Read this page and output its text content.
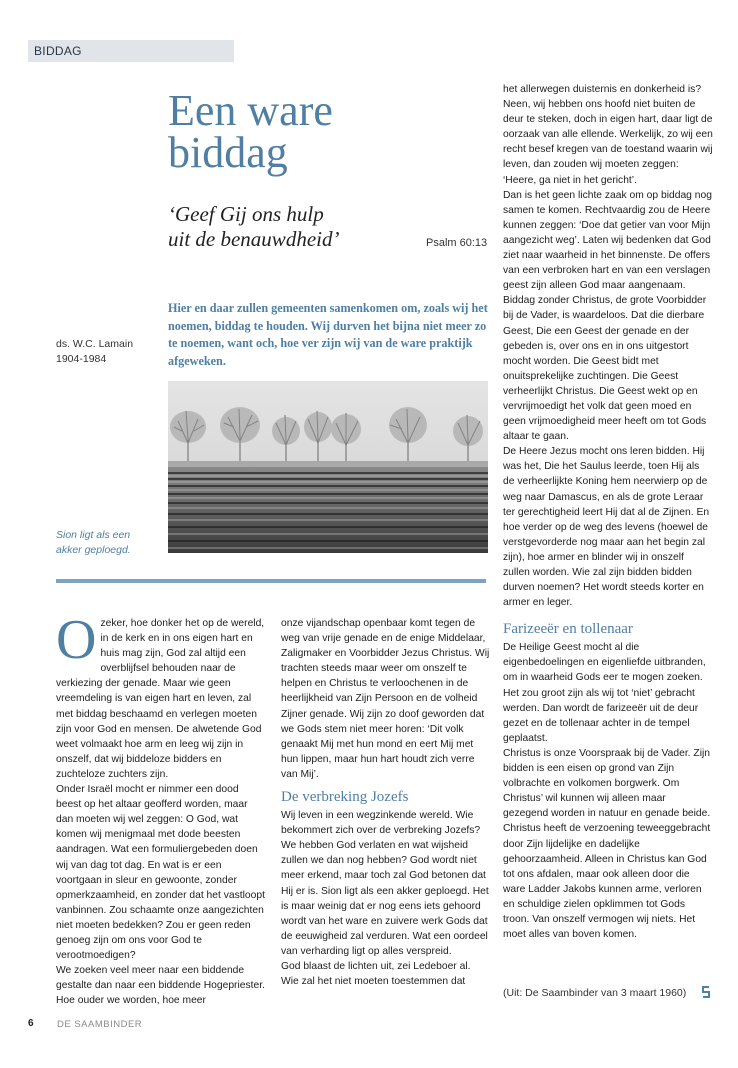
BIDDAG
Een ware
biddag

‘Geef Gij ons hulp
uit de benauwdheid’	Psalm 60:13
ds. W.C. Lamain
1904-1984

Hier en daar zullen gemeenten samenkomen om, zoals wij het noemen, biddag te houden. Wij durven het bijna niet meer zo te noemen, want och, hoe ver zijn wij van de ware praktijk afgeweken.

Sion ligt als een akker geploegd.
O zeker, hoe donker het op de wereld, in de kerk en in ons eigen hart en huis mag zijn, God zal altijd een overblijfsel behouden naar de verkiezing der genade. Maar wie geen vreemdeling is van eigen hart en leven, zal met biddag beschaamd en verlegen moeten zijn voor God en mensen. De alwetende God weet volmaakt hoe arm en leeg wij zijn in onszelf, dat wij biddeloze bidders en zuchteloze zuchters zijn.

Onder Israël mocht er nimmer een dood beest op het altaar geofferd worden, maar dan moeten wij wel zeggen: O God, wat komen wij menigmaal met dode beesten aandragen. Wat een formuliergebeden doen wij van dag tot dag. En wat is er een voortgaan in sleur en gewoonte, zonder opmerkzaamheid, en zonder dat het vastloopt vanbinnen. Zou schaamte onze aangezichten niet moeten bedekken? Zou er geen reden genoeg zijn om ons voor God te verootmoedigen?

We zoeken veel meer naar een biddende gestalte dan naar een biddende Hogepriester. Hoe ouder we worden, hoe meer

onze vijandschap openbaar komt tegen de weg van vrije genade en de enige Middelaar, Zaligmaker en Voorbidder Jezus Christus. Wij trachten steeds maar weer om onszelf te helpen en Christus te verloochenen in de heerlijkheid van Zijn Persoon en de volheid Zijner genade. Wij zijn zo doof geworden dat we Gods stem niet meer horen: ‘Dit volk genaakt Mij met hun mond en eert Mij met hun lippen, maar hun hart houdt zich verre van Mij’.

De verbreking Jozefs

Wij leven in een wegzinkende wereld. Wie bekommert zich over de verbreking Jozefs? We hebben God verlaten en wat wijsheid zullen we dan nog hebben? God wordt niet meer erkend, maar toch zal God betonen dat Hij er is. Sion ligt als een akker geploegd. Het is maar weinig dat er nog eens iets gehoord wordt van het ware en zuivere werk Gods dat de eeuwigheid zal verduren. Wat een oordeel van verharding ligt op alles verspreid.

God blaast de lichten uit, zei Ledeboer al. Wie zal het niet moeten toestemmen dat

het allerwegen duisternis en donkerheid is? Neen, wij hebben ons hoofd niet buiten de deur te steken, doch in eigen hart, daar ligt de oorzaak van alle ellende. Werkelijk, zo wij een recht besef kregen van de toestand waarin wij leven, dan zouden wij moeten zeggen: ‘Heere, ga niet in het gericht’.

Dan is het geen lichte zaak om op biddag nog samen te komen. Rechtvaardig zou de Heere kunnen zeggen: ‘Doe dat getier van voor Mijn aangezicht weg’. Laten wij bedenken dat God ziet naar waarheid in het binnenste. De offers van een verbroken hart en van een verslagen geest zijn alleen God maar aangenaam.

Biddag zonder Christus, de grote Voorbidder bij de Vader, is waardeloos. Dat die dierbare Geest, Die een Geest der genade en der gebeden is, over ons en in ons uitgestort mocht worden. Die Geest bidt met onuitsprekelijke zuchtingen. Die Geest verheerlijkt Christus. Die Geest wekt op en vervrijmoedigt het volk dat geen moed en geen vrijmoedigheid meer heeft om tot Gods altaar te gaan.

De Heere Jezus mocht ons leren bidden. Hij was het, Die het Saulus leerde, toen Hij als de verheerlijkte Koning hem neerwierp op de weg naar Damascus, en als de grote Leraar ter gerechtigheid leert Hij dat al de Zijnen. En hoe verder op de weg des levens (hoewel de verstgevorderde nog maar aan het begin zal zijn), hoe armer en blinder wij in onszelf zullen worden. Wie zal zijn bidden bidden durven noemen? Het wordt steeds korter en armer en leger.

Farizeeër en tollenaar

De Heilige Geest mocht al die eigenbedoelingen en eigenliefde uitbranden, om in waarheid Gods eer te mogen zoeken. Het zou groot zijn als wij tot ‘niet’ gebracht werden. Dan wordt de farizeeër uit de deur gezet en de tollenaar achter in de tempel geplaatst.

Christus is onze Voorspraak bij de Vader. Zijn bidden is een eisen op grond van Zijn volbrachte en volkomen borgwerk. Om Christus’ wil kunnen wij alleen maar gezegend worden in natuur en genade beide. Christus heeft de verzoening teweeggebracht door Zijn lijdelijke en dadelijke gehoorzaamheid. Alleen in Christus kan God tot ons afdalen, maar ook alleen door die ware Ladder Jakobs kunnen arme, verloren en schuldige zielen opklimmen tot Gods troon. Van onszelf vermogen wij niets. Het moet alles van boven komen.

(Uit: De Saambinder van 3 maart 1960)
6 DE SAAMBINDER
